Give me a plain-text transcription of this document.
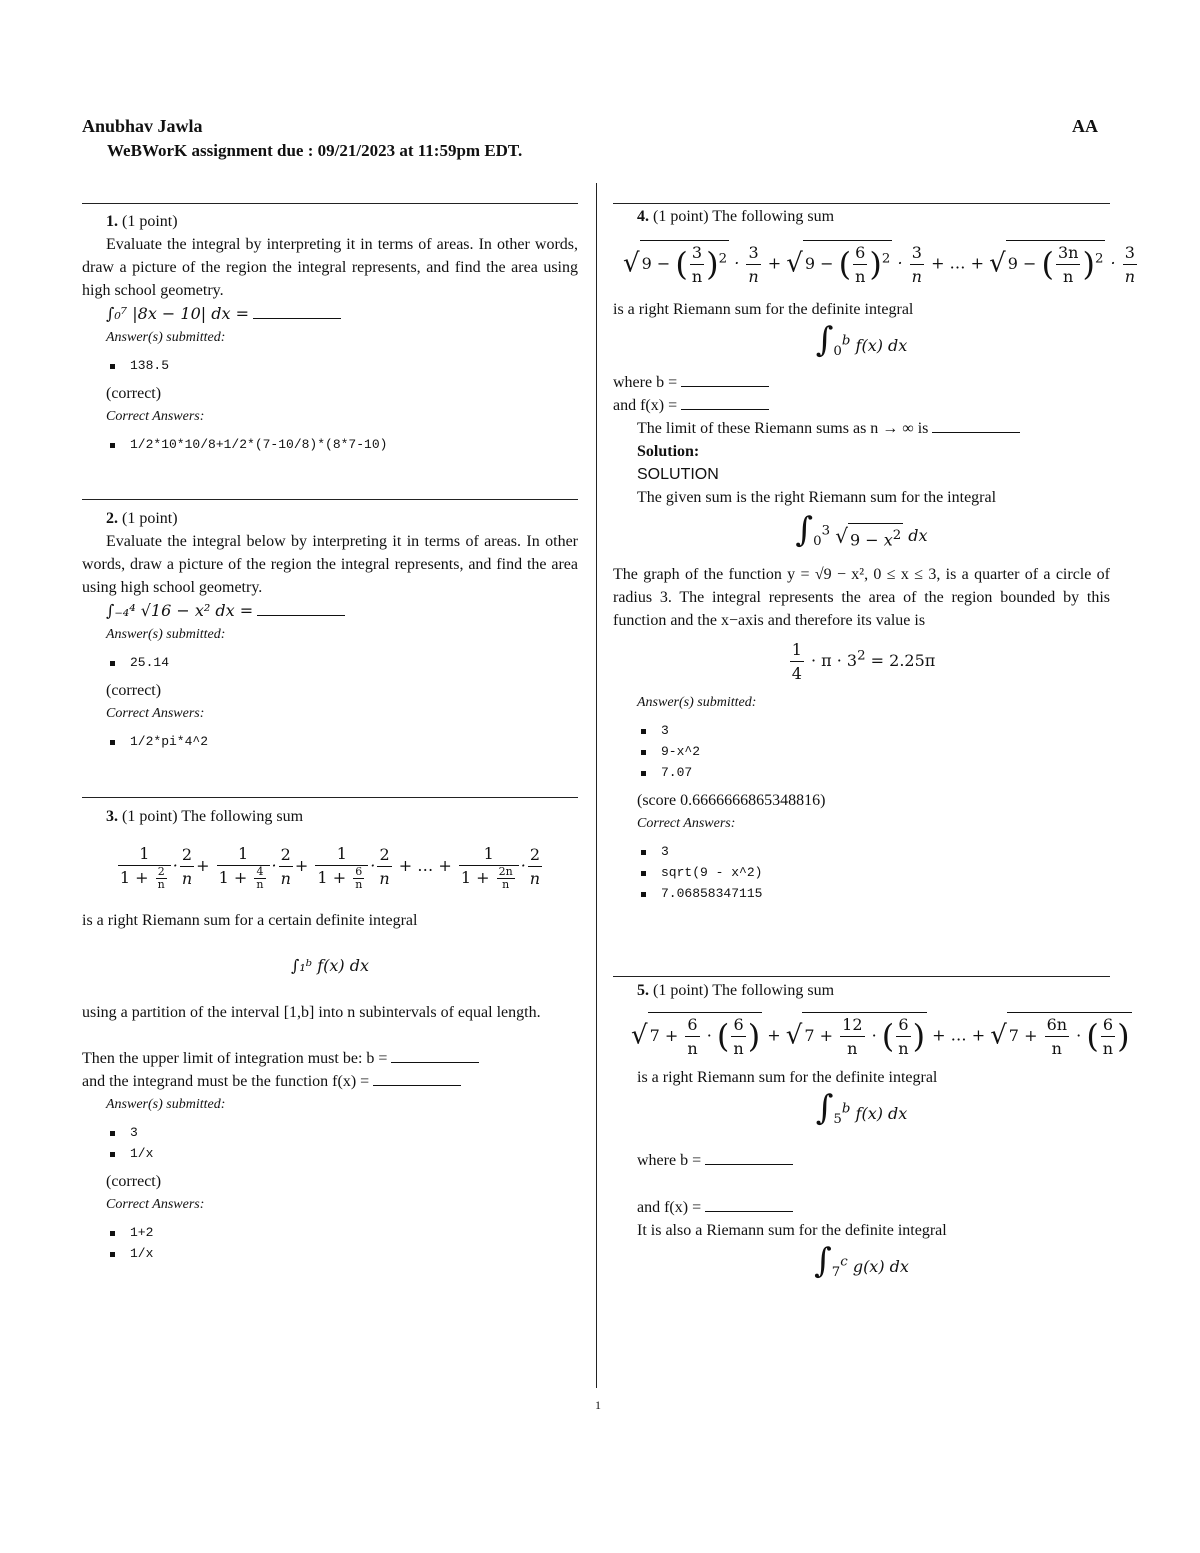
Anubhav Jawla	AA
WeBWorK assignment due : 09/21/2023 at 11:59pm EDT.

1. (1 point)

Evaluate the integral by interpreting it in terms of areas. In other words, draw a picture of the region the integral represents, and find the area using high school geometry.

∫₀⁷ |8x − 10| dx =

Answer(s) submitted:

138.5

(correct)

Correct Answers:

1/2*10*10/8+1/2*(7-10/8)*(8*7-10)

2. (1 point)

Evaluate the integral below by interpreting it in terms of areas. In other words, draw a picture of the region the integral represents, and find the area using high school geometry.

∫₋₄⁴ √16 − x² dx =

Answer(s) submitted:

25.14

(correct)

Correct Answers:

1/2*pi*4^2

3. (1 point) The following sum

$\frac{1}{1 + \frac{2}{n}} \cdot \frac{2}{n} + \frac{1}{1 + \frac{4}{n}} \cdot \frac{2}{n} + \frac{1}{1 + \frac{6}{n}} \cdot \frac{2}{n}$ + … + $\frac{1}{1 + \frac{2n}{n}} \cdot \frac{2}{n}$

is a right Riemann sum for a certain definite integral

∫₁ᵇ f(x) dx

using a partition of the interval [1,b] into n subintervals of equal length.

Then the upper limit of integration must be: b =

and the integrand must be the function f(x) =

Answer(s) submitted:

3
1/x

(correct)

Correct Answers:

1+2
1/x

4. (1 point) The following sum

√ 9 − ( $\frac{3}{n} )^2 \cdot \frac{3}{n}$ + √ 9 − ( $\frac{6}{n} )^2 \cdot \frac{3}{n}$ + … + √ 9 − ( $\frac{3n}{n} )^2 \cdot \frac{3}{n}$

is a right Riemann sum for the definite integral

$\int_0^b$ f(x) dx

where b =

and f(x) =

The limit of these Riemann sums as n → ∞ is

Solution:

SOLUTION

The given sum is the right Riemann sum for the integral

$\int_0^3$ √ $9 - x^2$ dx

The graph of the function y = √9 − x², 0 ≤ x ≤ 3, is a quarter of a circle of radius 3. The integral represents the area of the region bounded by this function and the x−axis and therefore its value is

$\frac{1}{4} \cdot \pi \cdot 3^2 = 2.25\pi$

Answer(s) submitted:

3
9-x^2
7.07

(score 0.6666666865348816)

Correct Answers:

3
sqrt(9 - x^2)
7.06858347115

5. (1 point) The following sum

√ $7 + \frac{6}{n}$ · ( $\frac{6}{n}$ ) + √ $7 + \frac{12}{n}$ · ( $\frac{6}{n}$ ) + … + √ $7 + \frac{6n}{n}$ · ( $\frac{6}{n}$ )

is a right Riemann sum for the definite integral

$\int_5^b$ f(x) dx

where b =

and f(x) =

It is also a Riemann sum for the definite integral

$\int_7^c$ g(x) dx

1
